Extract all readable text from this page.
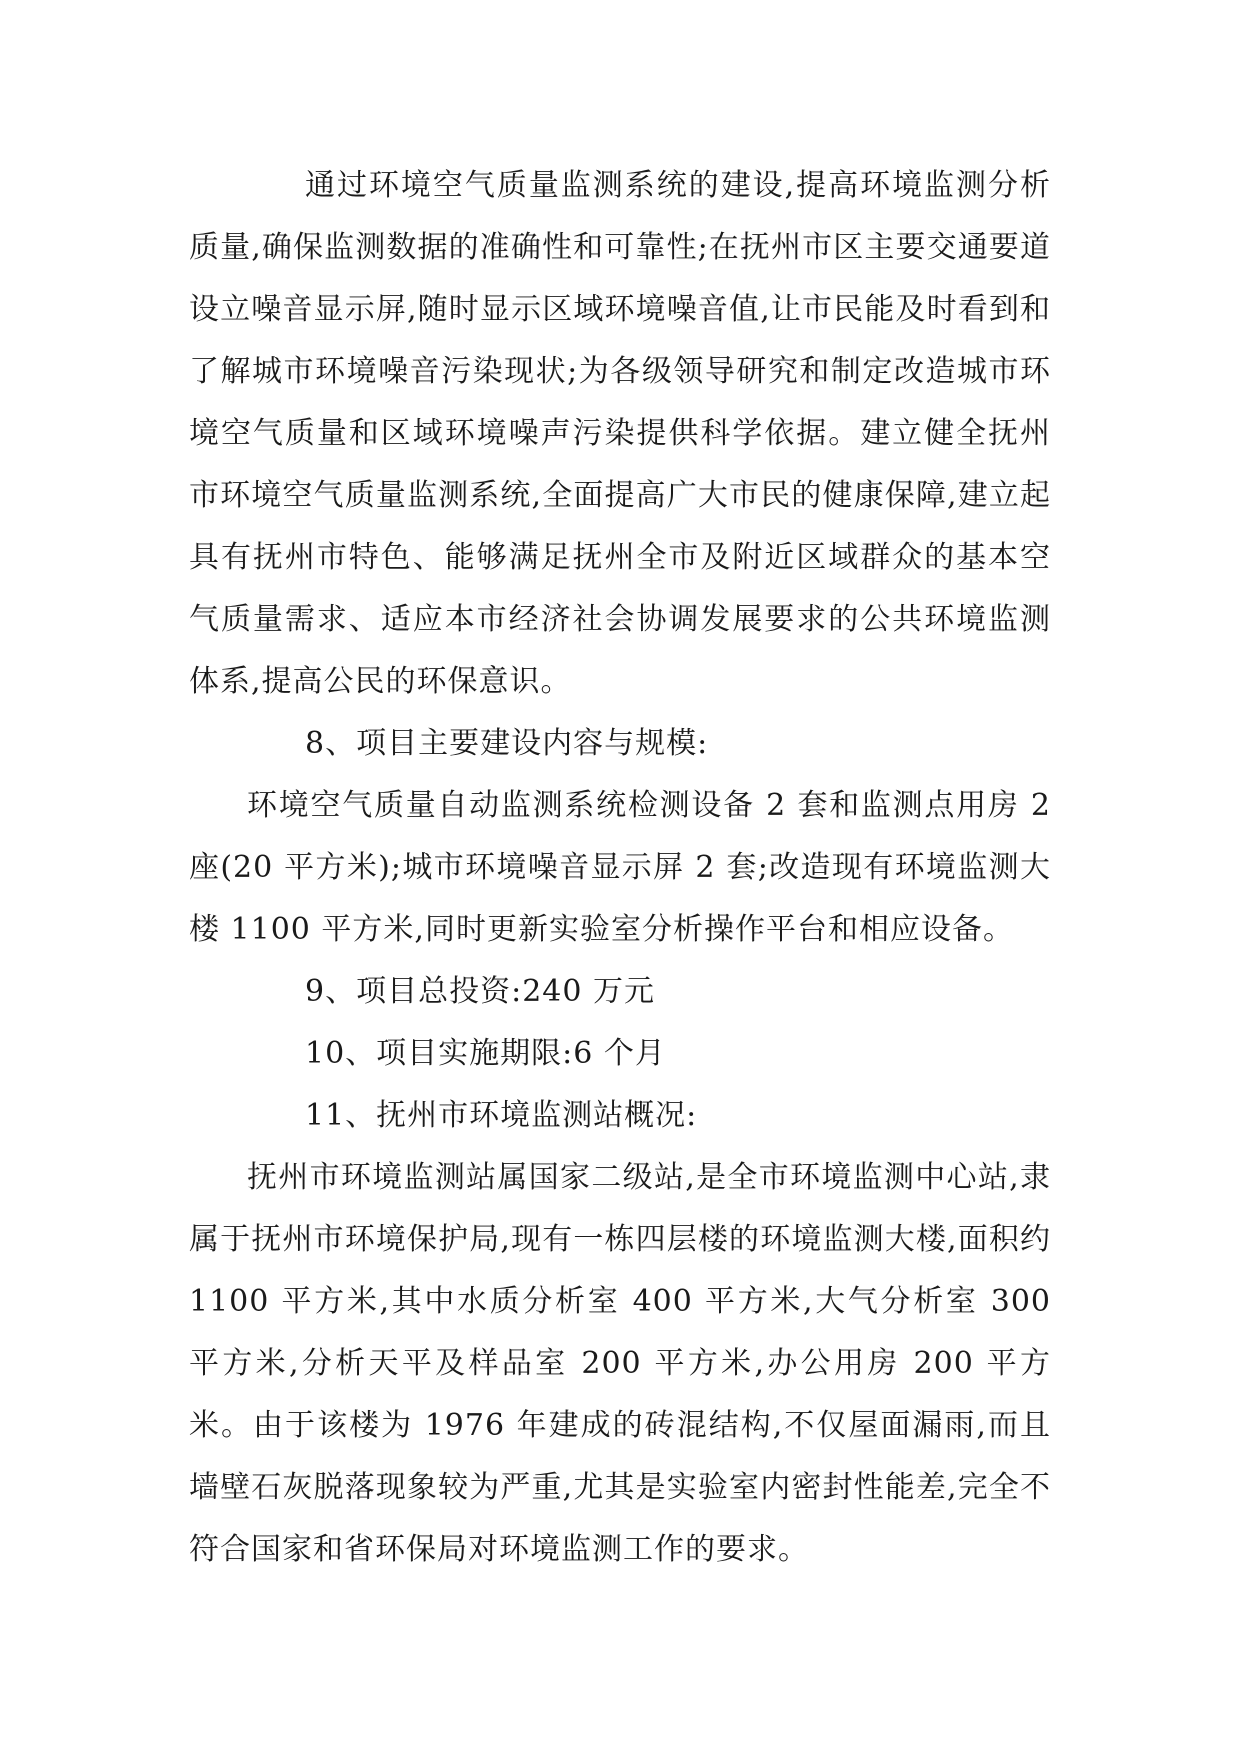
通过环境空气质量监测系统的建设,提高环境监测分析质量,确保监测数据的准确性和可靠性;在抚州市区主要交通要道设立噪音显示屏,随时显示区域环境噪音值,让市民能及时看到和了解城市环境噪音污染现状;为各级领导研究和制定改造城市环境空气质量和区域环境噪声污染提供科学依据。建立健全抚州市环境空气质量监测系统,全面提高广大市民的健康保障,建立起具有抚州市特色、能够满足抚州全市及附近区域群众的基本空气质量需求、适应本市经济社会协调发展要求的公共环境监测体系,提高公民的环保意识。

8、项目主要建设内容与规模:

环境空气质量自动监测系统检测设备 2 套和监测点用房 2 座(20 平方米);城市环境噪音显示屏 2 套;改造现有环境监测大楼 1100 平方米,同时更新实验室分析操作平台和相应设备。

9、项目总投资:240 万元

10、项目实施期限:6 个月

11、抚州市环境监测站概况:

抚州市环境监测站属国家二级站,是全市环境监测中心站,隶属于抚州市环境保护局,现有一栋四层楼的环境监测大楼,面积约 1100 平方米,其中水质分析室 400 平方米,大气分析室 300 平方米,分析天平及样品室 200 平方米,办公用房 200 平方米。由于该楼为 1976 年建成的砖混结构,不仅屋面漏雨,而且墙壁石灰脱落现象较为严重,尤其是实验室内密封性能差,完全不符合国家和省环保局对环境监测工作的要求。
